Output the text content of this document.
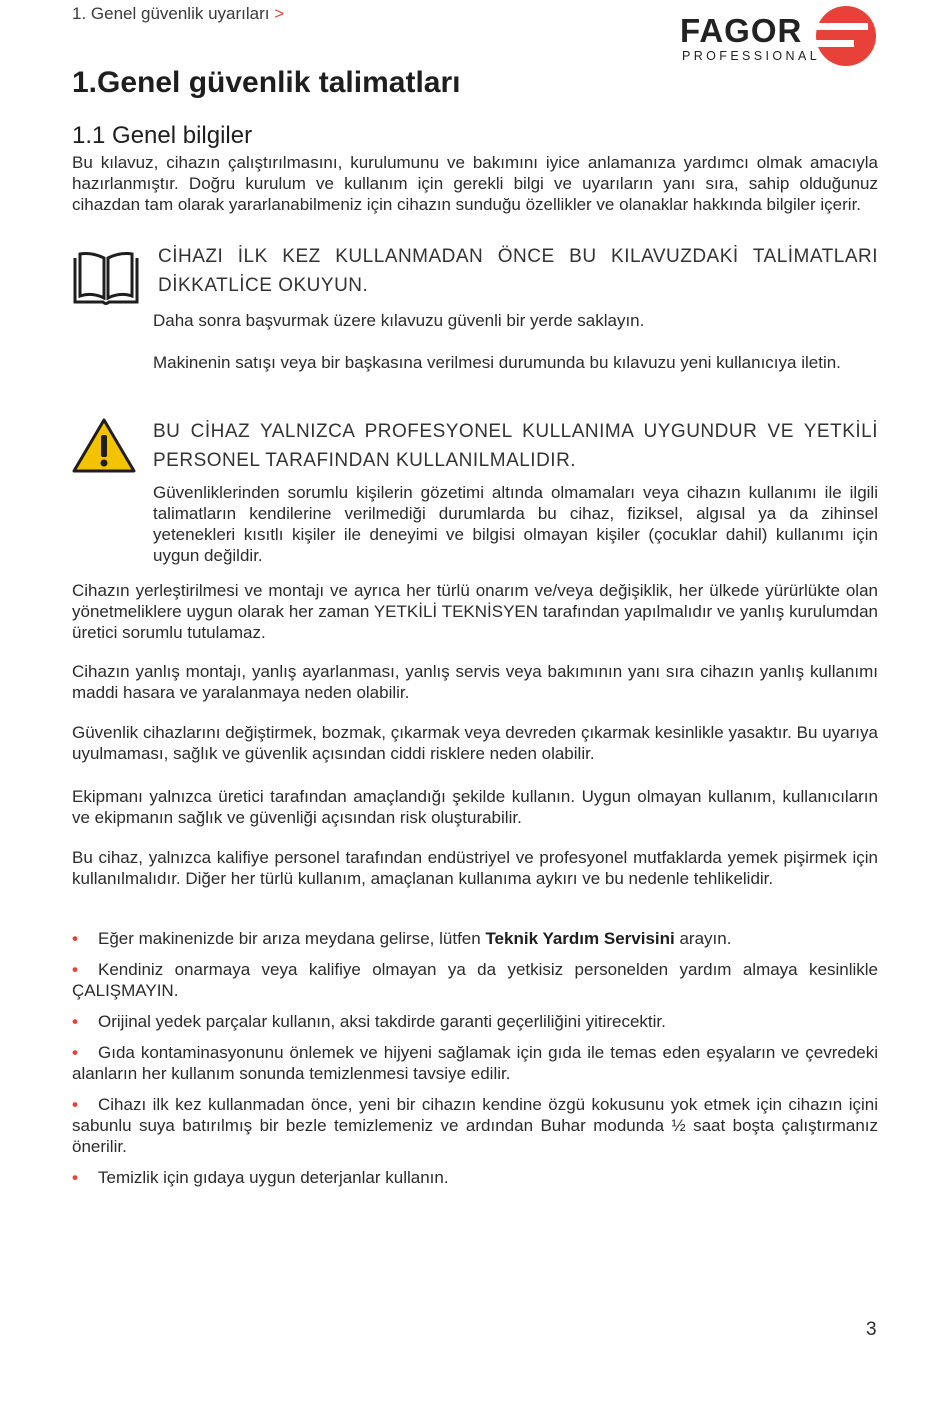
1. Genel güvenlik uyarıları >	FAGOR
PROFESSIONAL
1.Genel güvenlik talimatları
1.1 Genel bilgiler

Bu kılavuz, cihazın çalıştırılmasını, kurulumunu ve bakımını iyice anlamanıza yardımcı olmak amacıyla hazırlanmıştır. Doğru kurulum ve kullanım için gerekli bilgi ve uyarıların yanı sıra, sahip olduğunuz cihazdan tam olarak yararlanabilmeniz için cihazın sunduğu özellikler ve olanaklar hakkında bilgiler içerir.

CİHAZI İLK KEZ KULLANMADAN ÖNCE BU KILAVUZDAKİ TALİMATLARI DİKKATLİCE OKUYUN.

Daha sonra başvurmak üzere kılavuzu güvenli bir yerde saklayın.

Makinenin satışı veya bir başkasına verilmesi durumunda bu kılavuzu yeni kullanıcıya iletin.

BU CİHAZ YALNIZCA PROFESYONEL KULLANIMA UYGUNDUR VE YETKİLİ PERSONEL TARAFINDAN KULLANILMALIDIR.

Güvenliklerinden sorumlu kişilerin gözetimi altında olmamaları veya cihazın kullanımı ile ilgili talimatların kendilerine verilmediği durumlarda bu cihaz, fiziksel, algısal ya da zihinsel yetenekleri kısıtlı kişiler ile deneyimi ve bilgisi olmayan kişiler (çocuklar dahil) kullanımı için uygun değildir.

Cihazın yerleştirilmesi ve montajı ve ayrıca her türlü onarım ve/veya değişiklik, her ülkede yürürlükte olan yönetmeliklere uygun olarak her zaman YETKİLİ TEKNİSYEN tarafından yapılmalıdır ve yanlış kurulumdan üretici sorumlu tutulamaz.

Cihazın yanlış montajı, yanlış ayarlanması, yanlış servis veya bakımının yanı sıra cihazın yanlış kullanımı maddi hasara ve yaralanmaya neden olabilir.

Güvenlik cihazlarını değiştirmek, bozmak, çıkarmak veya devreden çıkarmak kesinlikle yasaktır. Bu uyarıya uyulmaması, sağlık ve güvenlik açısından ciddi risklere neden olabilir.

Ekipmanı yalnızca üretici tarafından amaçlandığı şekilde kullanın. Uygun olmayan kullanım, kullanıcıların ve ekipmanın sağlık ve güvenliği açısından risk oluşturabilir.

Bu cihaz, yalnızca kalifiye personel tarafından endüstriyel ve profesyonel mutfaklarda yemek pişirmek için kullanılmalıdır. Diğer her türlü kullanım, amaçlanan kullanıma aykırı ve bu nedenle tehlikelidir.

• Eğer makinenizde bir arıza meydana gelirse, lütfen Teknik Yardım Servisini arayın.
• Kendiniz onarmaya veya kalifiye olmayan ya da yetkisiz personelden yardım almaya kesinlikle ÇALIŞMAYIN.
• Orijinal yedek parçalar kullanın, aksi takdirde garanti geçerliliğini yitirecektir.
• Gıda kontaminasyonunu önlemek ve hijyeni sağlamak için gıda ile temas eden eşyaların ve çevredeki alanların her kullanım sonunda temizlenmesi tavsiye edilir.
• Cihazı ilk kez kullanmadan önce, yeni bir cihazın kendine özgü kokusunu yok etmek için cihazın içini sabunlu suya batırılmış bir bezle temizlemeniz ve ardından Buhar modunda ½ saat boşta çalıştırmanız önerilir.
• Temizlik için gıdaya uygun deterjanlar kullanın.
3
